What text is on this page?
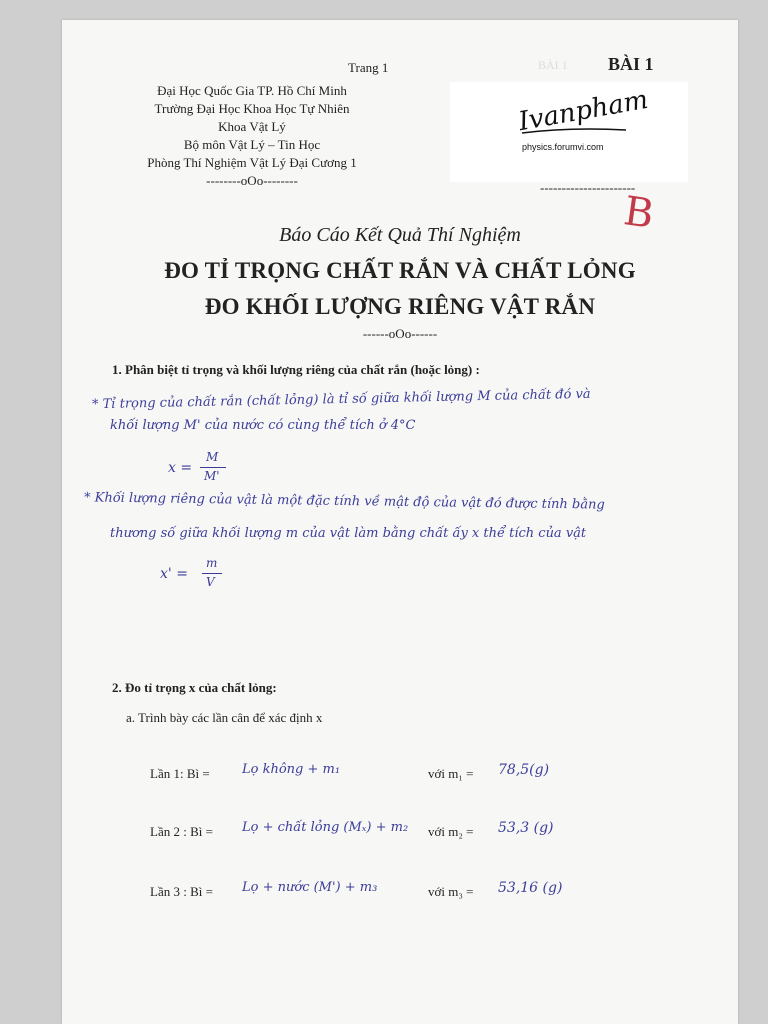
BÀI 1
Trang 1	BÀI 1
Đại Học Quốc Gia TP. Hồ Chí Minh
Trường Đại Học Khoa Học Tự Nhiên
Khoa Vật Lý
Bộ môn Vật Lý – Tin Học
Phòng Thí Nghiệm Vật Lý Đại Cương 1
--------oOo--------
Ivanpham
physics.forumvi.com
----------------------
B
Báo Cáo Kết Quả Thí Nghiệm
ĐO TỈ TRỌNG CHẤT RẮN VÀ CHẤT LỎNG
ĐO KHỐI LƯỢNG RIÊNG VẬT RẮN
------oOo------
1. Phân biệt tỉ trọng và khối lượng riêng của chất rắn (hoặc lỏng) :
* Tỉ trọng của chất rắn (chất lỏng) là tỉ số giữa khối lượng M của chất đó và
khối lượng M' của nước có cùng thể tích ở 4°C
x =
M
M'
* Khối lượng riêng của vật là một đặc tính về mật độ của vật đó được tính bằng
thương số giữa khối lượng m của vật làm bằng chất ấy x thể tích của vật
x' =
m
V
2. Đo tỉ trọng x của chất lỏng:
a. Trình bày các lần cân để xác định x
Lần 1: Bì = Lọ không + m₁	với m₁ = 78,5(g)
Lần 2 : Bì = Lọ + chất lỏng (Mₓ) + m₂ với m₂ = 53,3 (g)
Lần 3 : Bì = Lọ + nước (M') + m₃	với m₃ = 53,16 (g)
